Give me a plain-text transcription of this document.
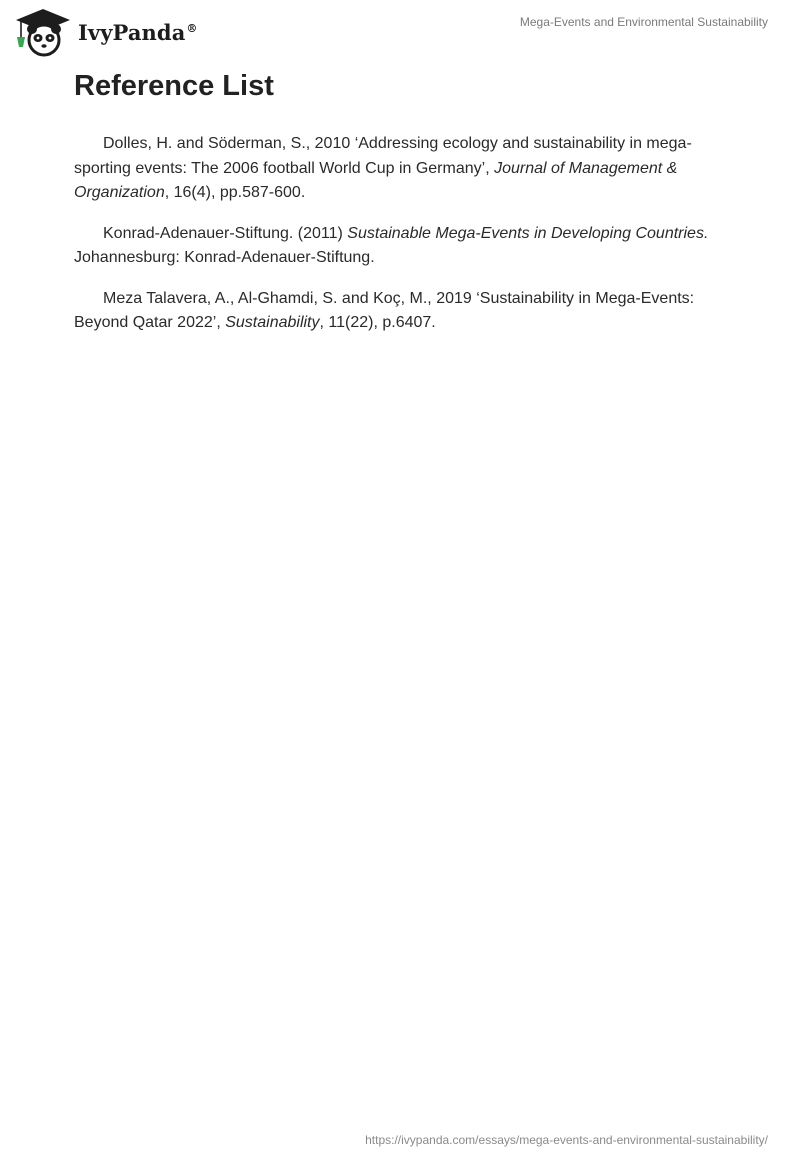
IvyPanda®	Mega-Events and Environmental Sustainability
Reference List

Dolles, H. and Söderman, S., 2010 ‘Addressing ecology and sustainability in mega-sporting events: The 2006 football World Cup in Germany’, Journal of Management & Organization, 16(4), pp.587-600.

Konrad-Adenauer-Stiftung. (2011) Sustainable Mega-Events in Developing Countries. Johannesburg: Konrad-Adenauer-Stiftung.

Meza Talavera, A., Al-Ghamdi, S. and Koç, M., 2019 ‘Sustainability in Mega-Events: Beyond Qatar 2022’, Sustainability, 11(22), p.6407.

https://ivypanda.com/essays/mega-events-and-environmental-sustainability/
